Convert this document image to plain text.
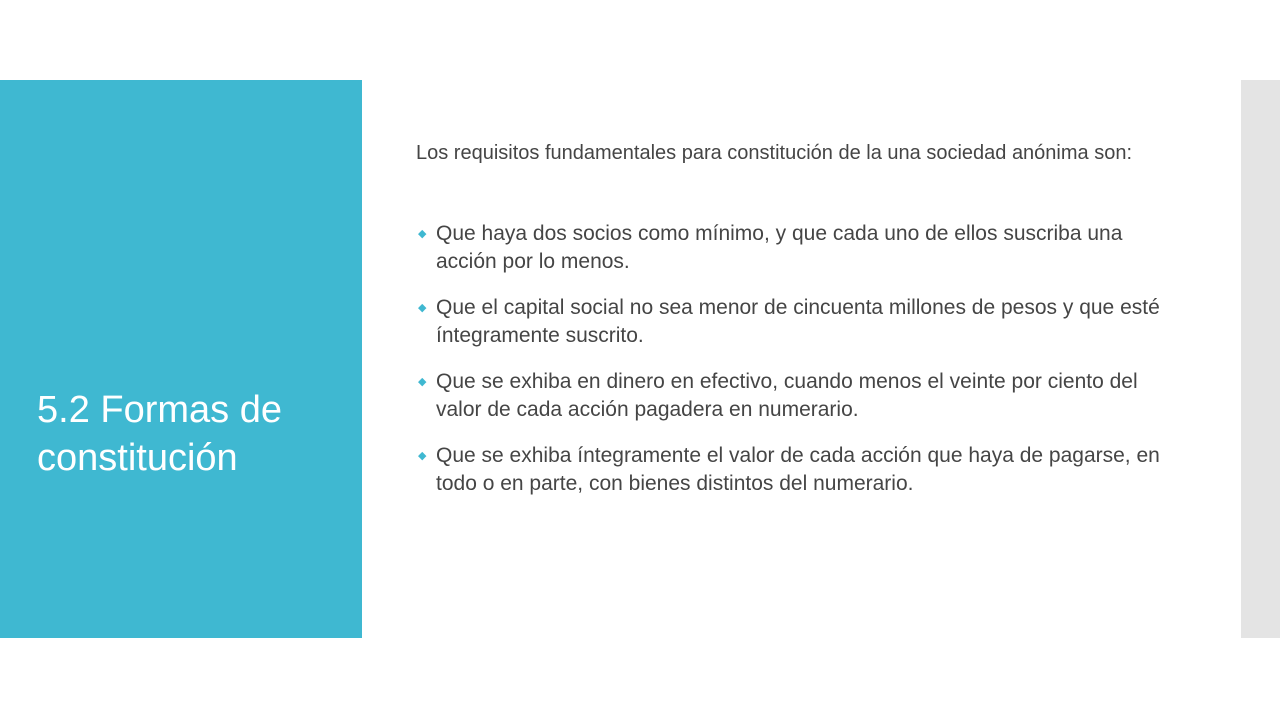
5.2 Formas de constitución

Los requisitos fundamentales para constitución de la una sociedad anónima son:

◆ Que haya dos socios como mínimo, y que cada uno de ellos suscriba una acción por lo menos.
◆ Que el capital social no sea menor de cincuenta millones de pesos y que esté íntegramente suscrito.
◆ Que se exhiba en dinero en efectivo, cuando menos el veinte por ciento del valor de cada acción pagadera en numerario.
◆ Que se exhiba íntegramente el valor de cada acción que haya de pagarse, en todo o en parte, con bienes distintos del numerario.
